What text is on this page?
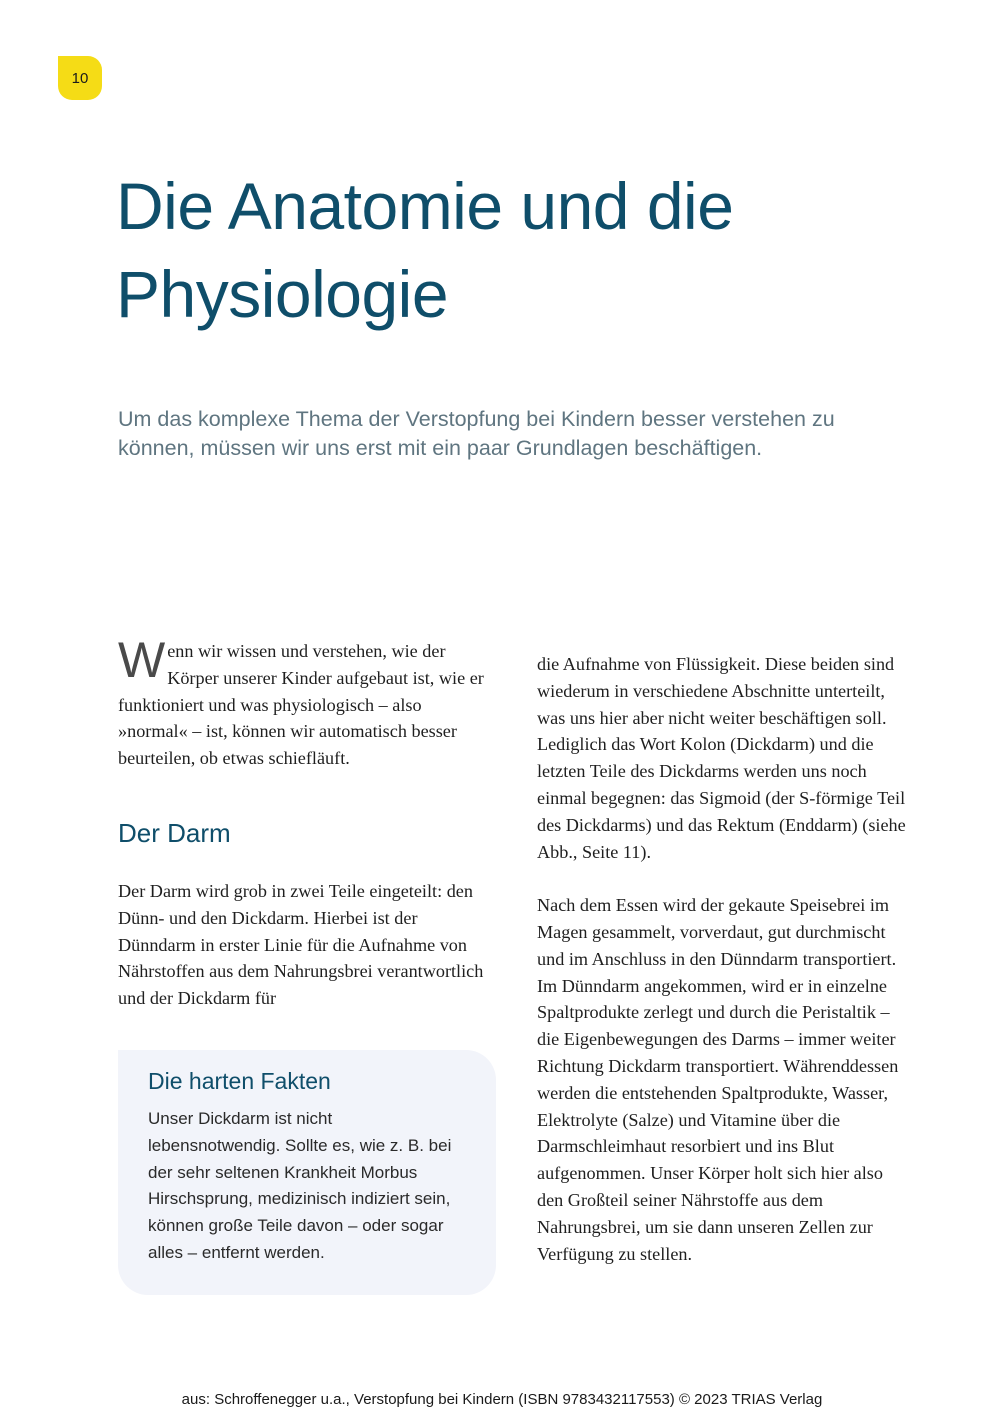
10
Die Anatomie und die Physiologie

Um das komplexe Thema der Verstopfung bei Kindern besser verstehen zu können, müssen wir uns erst mit ein paar Grundlagen beschäftigen.

Wenn wir wissen und verstehen, wie der Körper unserer Kinder aufgebaut ist, wie er funktioniert und was physiologisch – also »normal« – ist, können wir automatisch besser beurteilen, ob etwas schiefläuft.

Der Darm

Der Darm wird grob in zwei Teile eingeteilt: den Dünn- und den Dickdarm. Hierbei ist der Dünndarm in erster Linie für die Aufnahme von Nährstoffen aus dem Nahrungsbrei verantwortlich und der Dickdarm für

Die harten Fakten

Unser Dickdarm ist nicht lebensnotwendig. Sollte es, wie z. B. bei der sehr seltenen Krankheit Morbus Hirschsprung, medizinisch indiziert sein, können große Teile davon – oder sogar alles – entfernt werden.

die Aufnahme von Flüssigkeit. Diese beiden sind wiederum in verschiedene Abschnitte unterteilt, was uns hier aber nicht weiter beschäftigen soll. Lediglich das Wort Kolon (Dickdarm) und die letzten Teile des Dickdarms werden uns noch einmal begegnen: das Sigmoid (der S-förmige Teil des Dickdarms) und das Rektum (Enddarm) (siehe Abb., Seite 11).

Nach dem Essen wird der gekaute Speisebrei im Magen gesammelt, vorverdaut, gut durchmischt und im Anschluss in den Dünndarm transportiert. Im Dünndarm angekommen, wird er in einzelne Spaltprodukte zerlegt und durch die Peristaltik – die Eigenbewegungen des Darms – immer weiter Richtung Dickdarm transportiert. Währenddessen werden die entstehenden Spaltprodukte, Wasser, Elektrolyte (Salze) und Vitamine über die Darmschleimhaut resorbiert und ins Blut aufgenommen. Unser Körper holt sich hier also den Großteil seiner Nährstoffe aus dem Nahrungsbrei, um sie dann unseren Zellen zur Verfügung zu stellen.

aus: Schroffenegger u.a., Verstopfung bei Kindern (ISBN 9783432117553) © 2023 TRIAS Verlag
